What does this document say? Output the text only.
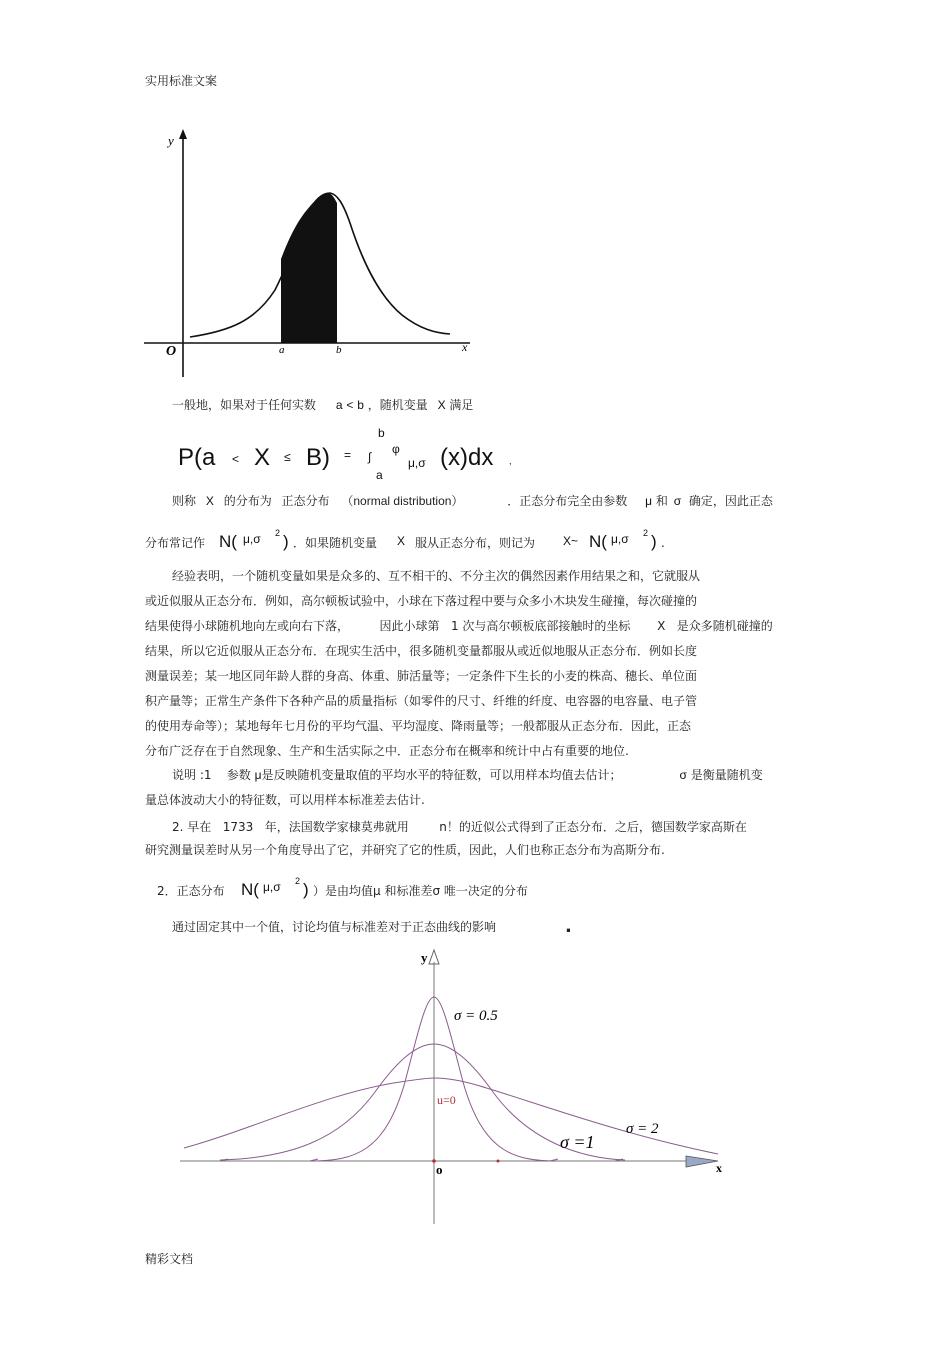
实用标准文案
y
O	a	b	x
一般地，如果对于任何实数 a < b ，随机变量 X 满足
P(a < X ≤ B) =
b
∫
a
φ
μ,σ (x)dx ,
则称 X 的分布为 正态分布 （normal distribution）	．正态分布完全由参数 μ 和 σ 确定，因此正态
分布常记作 N( μ,σ 2 ) ．如果随机变量 X 服从正态分布，则记为 X~ N( μ,σ 2 ) .
经验表明，一个随机变量如果是众多的、互不相干的、不分主次的偶然因素作用结果之和，它就服从
或近似服从正态分布．例如，高尔顿板试验中，小球在下落过程中要与众多小木块发生碰撞，每次碰撞的
结果使得小球随机地向左或向右下落，        因此小球第   1 次与高尔顿板底部接触时的坐标       X   是众多随机碰撞的
结果，所以它近似服从正态分布．在现实生活中，很多随机变量都服从或近似地服从正态分布．例如长度
测量误差；某一地区同年龄人群的身高、体重、肺活量等；一定条件下生长的小麦的株高、穗长、单位面
积产量等；正常生产条件下各种产品的质量指标（如零件的尺寸、纤维的纤度、电容器的电容量、电子管
的使用寿命等）；某地每年七月份的平均气温、平均湿度、降雨量等；一般都服从正态分布．因此，正态
分布广泛存在于自然现象、生产和生活实际之中．正态分布在概率和统计中占有重要的地位.
说明 :1    参数 μ是反映随机变量取值的平均水平的特征数，可以用样本均值去估计；	σ 是衡量随机变
量总体波动大小的特征数，可以用样本标准差去估计.
2. 早在   1733   年，法国数学家棣莫弗就用	n！的近似公式得到了正态分布．之后，德国数学家高斯在
研究测量误差时从另一个角度导出了它，并研究了它的性质，因此，人们也称正态分布为高斯分布.
2．正态分布 N( μ,σ 2 ) ）是由均值μ 和标准差σ 唯一决定的分布
通过固定其中一个值，讨论均值与标准差对于正态曲线的影响	.
y
x
o
σ = 0.5
σ =1
σ = 2
u=0
精彩文档
